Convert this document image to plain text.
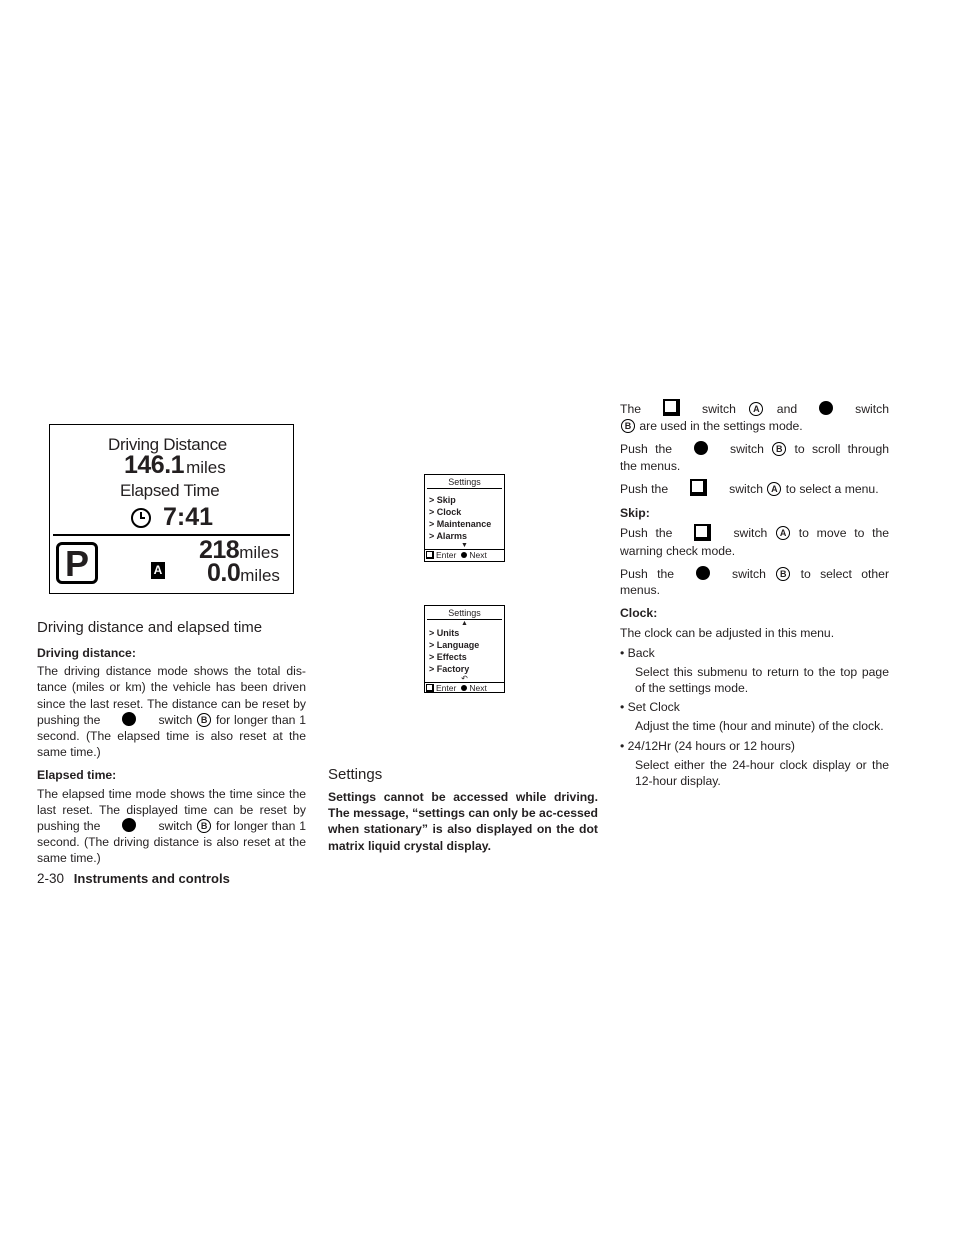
Driving Distance
146.1 miles
Elapsed Time
7:41
P	A
218miles
0.0miles
Settings
> Skip
> Clock
> Maintenance
> Alarms
▼
Enter Next
Settings
▲
> Units
> Language
> Effects
> Factory
↶
Enter Next
Driving distance and elapsed time
Driving distance:
The driving distance mode shows the total dis-tance (miles or km) the vehicle has been driven since the last reset. The distance can be reset by pushing the	switch B for longer than 1 second. (The elapsed time is also reset at the same time.)
Elapsed time:
The elapsed time mode shows the time since the last reset. The displayed time can be reset by pushing the	switch B for longer than 1 second. (The driving distance is also reset at the same time.)
Settings
Settings cannot be accessed while driving. The message, “settings can only be ac-cessed when stationary” is also displayed on the dot matrix liquid crystal display.
The	switch A and	switch B are used in the settings mode.
Push the	switch B to scroll through the menus.
Push the	switch A to select a menu.
Skip:
Push the	switch A to move to the warning check mode.
Push the	switch B to select other menus.
Clock:
The clock can be adjusted in this menu.
• Back
Select this submenu to return to the top page of the settings mode.
• Set Clock
Adjust the time (hour and minute) of the clock.
• 24/12Hr (24 hours or 12 hours)
Select either the 24-hour clock display or the 12-hour display.
2-30 Instruments and controls
